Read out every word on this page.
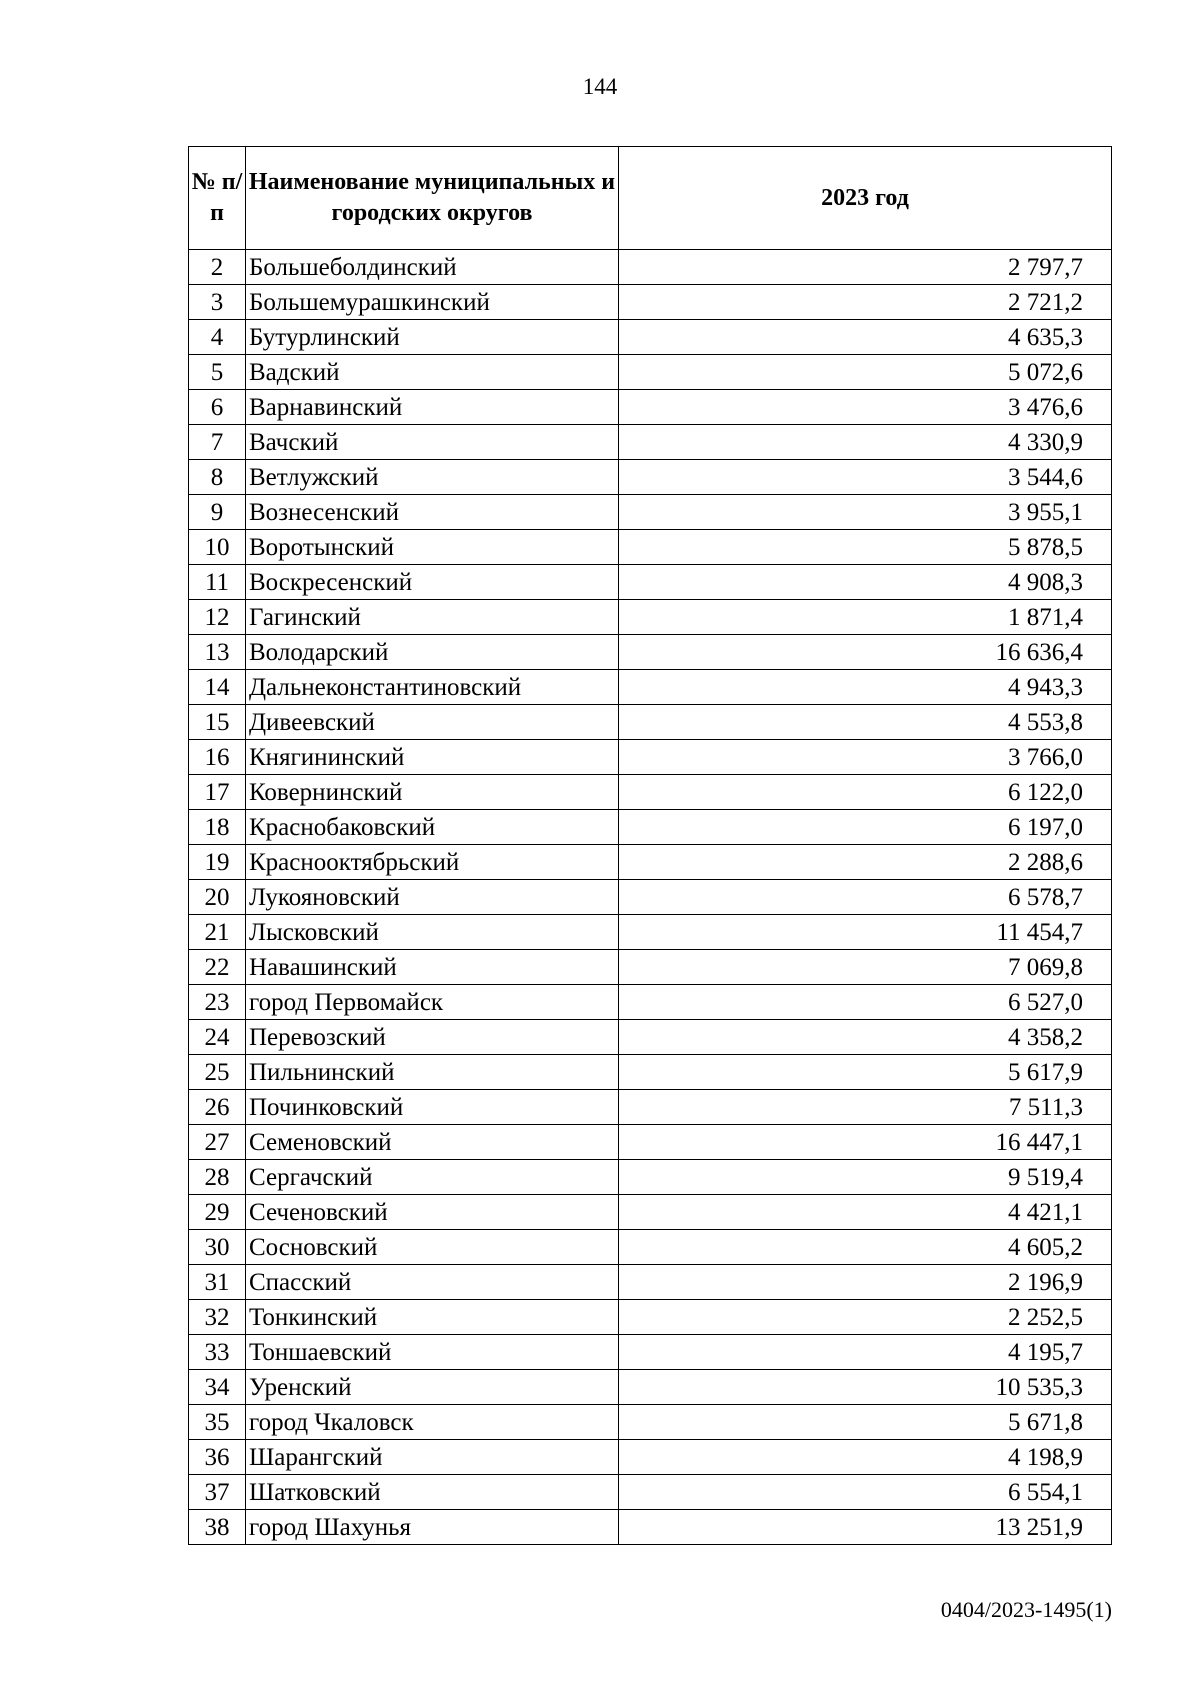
144
№ п/п	Наименование муниципальных и городских округов	2023 год
2	Большеболдинский	2 797,7
3	Большемурашкинский	2 721,2
4	Бутурлинский	4 635,3
5	Вадский	5 072,6
6	Варнавинский	3 476,6
7	Вачский	4 330,9
8	Ветлужский	3 544,6
9	Вознесенский	3 955,1
10	Воротынский	5 878,5
11	Воскресенский	4 908,3
12	Гагинский	1 871,4
13	Володарский	16 636,4
14	Дальнеконстантиновский	4 943,3
15	Дивеевский	4 553,8
16	Княгининский	3 766,0
17	Ковернинский	6 122,0
18	Краснобаковский	6 197,0
19	Краснооктябрьский	2 288,6
20	Лукояновский	6 578,7
21	Лысковский	11 454,7
22	Навашинский	7 069,8
23	город Первомайск	6 527,0
24	Перевозский	4 358,2
25	Пильнинский	5 617,9
26	Починковский	7 511,3
27	Семеновский	16 447,1
28	Сергачский	9 519,4
29	Сеченовский	4 421,1
30	Сосновский	4 605,2
31	Спасский	2 196,9
32	Тонкинский	2 252,5
33	Тоншаевский	4 195,7
34	Уренский	10 535,3
35	город Чкаловск	5 671,8
36	Шарангский	4 198,9
37	Шатковский	6 554,1
38	город Шахунья	13 251,9
0404/2023-1495(1)
